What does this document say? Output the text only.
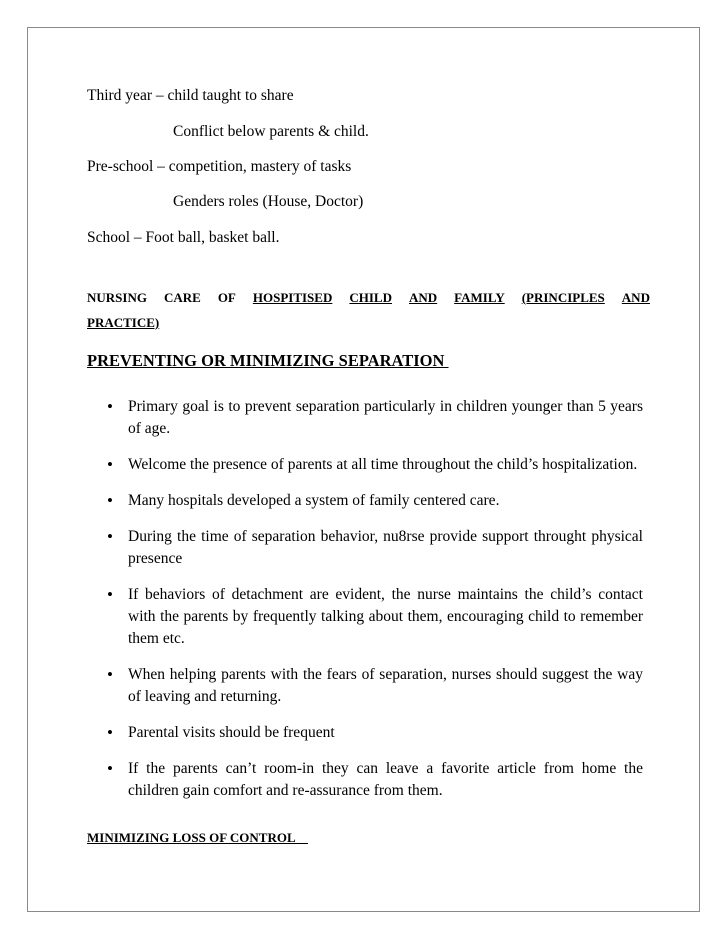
Third year – child taught to share
Conflict below parents & child.
Pre-school – competition, mastery of tasks
Genders roles (House, Doctor)
School – Foot ball, basket ball.
NURSING CARE OF HOSPITISED CHILD AND FAMILY (PRINCIPLES AND
PRACTICE)
PREVENTING OR MINIMIZING SEPARATION
• Primary goal is to prevent separation particularly in children younger than 5 years of age.
• Welcome the presence of parents at all time throughout the child’s hospitalization.
• Many hospitals developed a system of family centered care.
• During the time of separation behavior, nu8rse provide support throught physical presence
• If behaviors of detachment are evident, the nurse maintains the child’s contact with the parents by frequently talking about them, encouraging child to remember them etc.
• When helping parents with the fears of separation, nurses should suggest the way of leaving and returning.
• Parental visits should be frequent
• If the parents can’t room-in they can leave a favorite article from home the children gain comfort and re-assurance from them.
MINIMIZING LOSS OF CONTROL
